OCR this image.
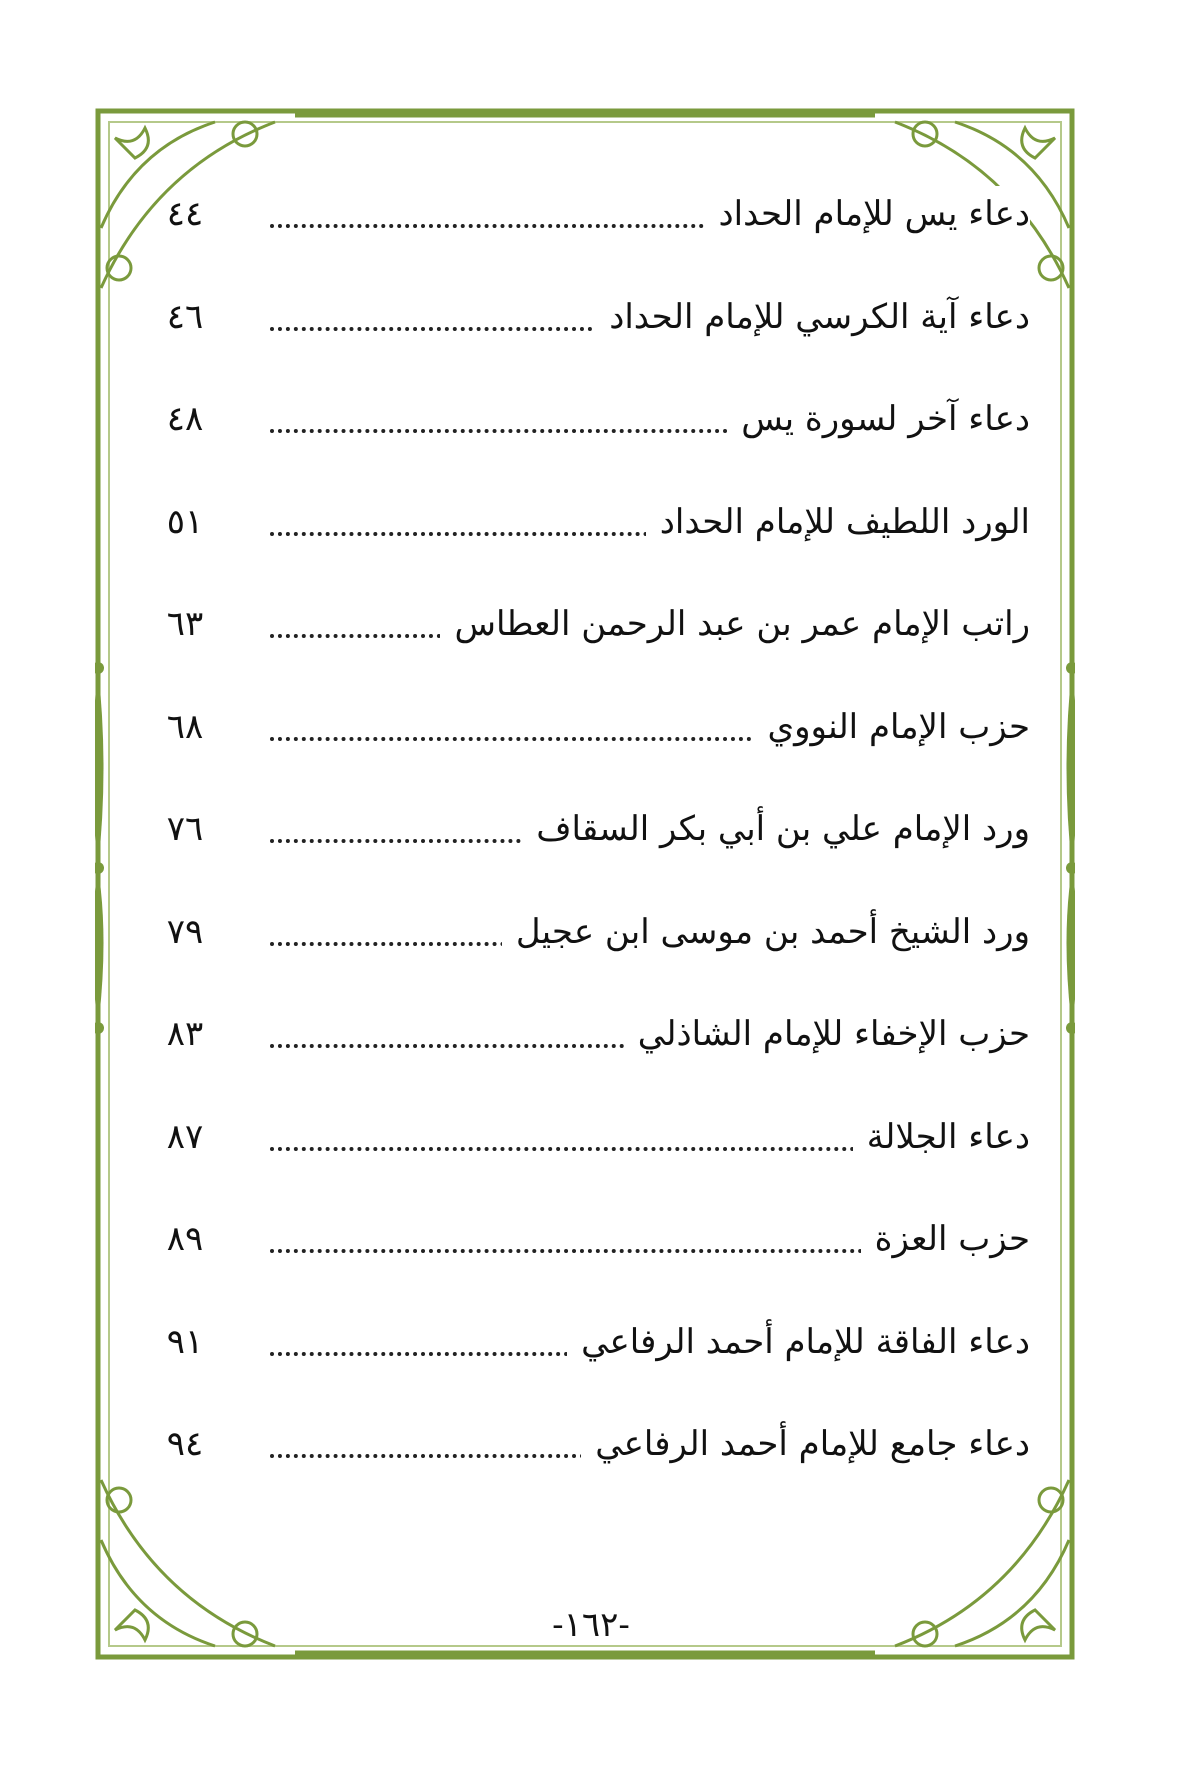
دعاء يس للإمام الحداد
٤٤
دعاء آية الكرسي للإمام الحداد
٤٦
دعاء آخر لسورة يس
٤٨
الورد اللطيف للإمام الحداد
٥١
راتب الإمام عمر بن عبد الرحمن العطاس
٦٣
حزب الإمام النووي
٦٨
ورد الإمام علي بن أبي بكر السقاف
٧٦
ورد الشيخ أحمد بن موسى ابن عجيل
٧٩
حزب الإخفاء للإمام الشاذلي
٨٣
دعاء الجلالة
٨٧
حزب العزة
٨٩
دعاء الفاقة للإمام أحمد الرفاعي
٩١
دعاء جامع للإمام أحمد الرفاعي
٩٤
-١٦٢-
